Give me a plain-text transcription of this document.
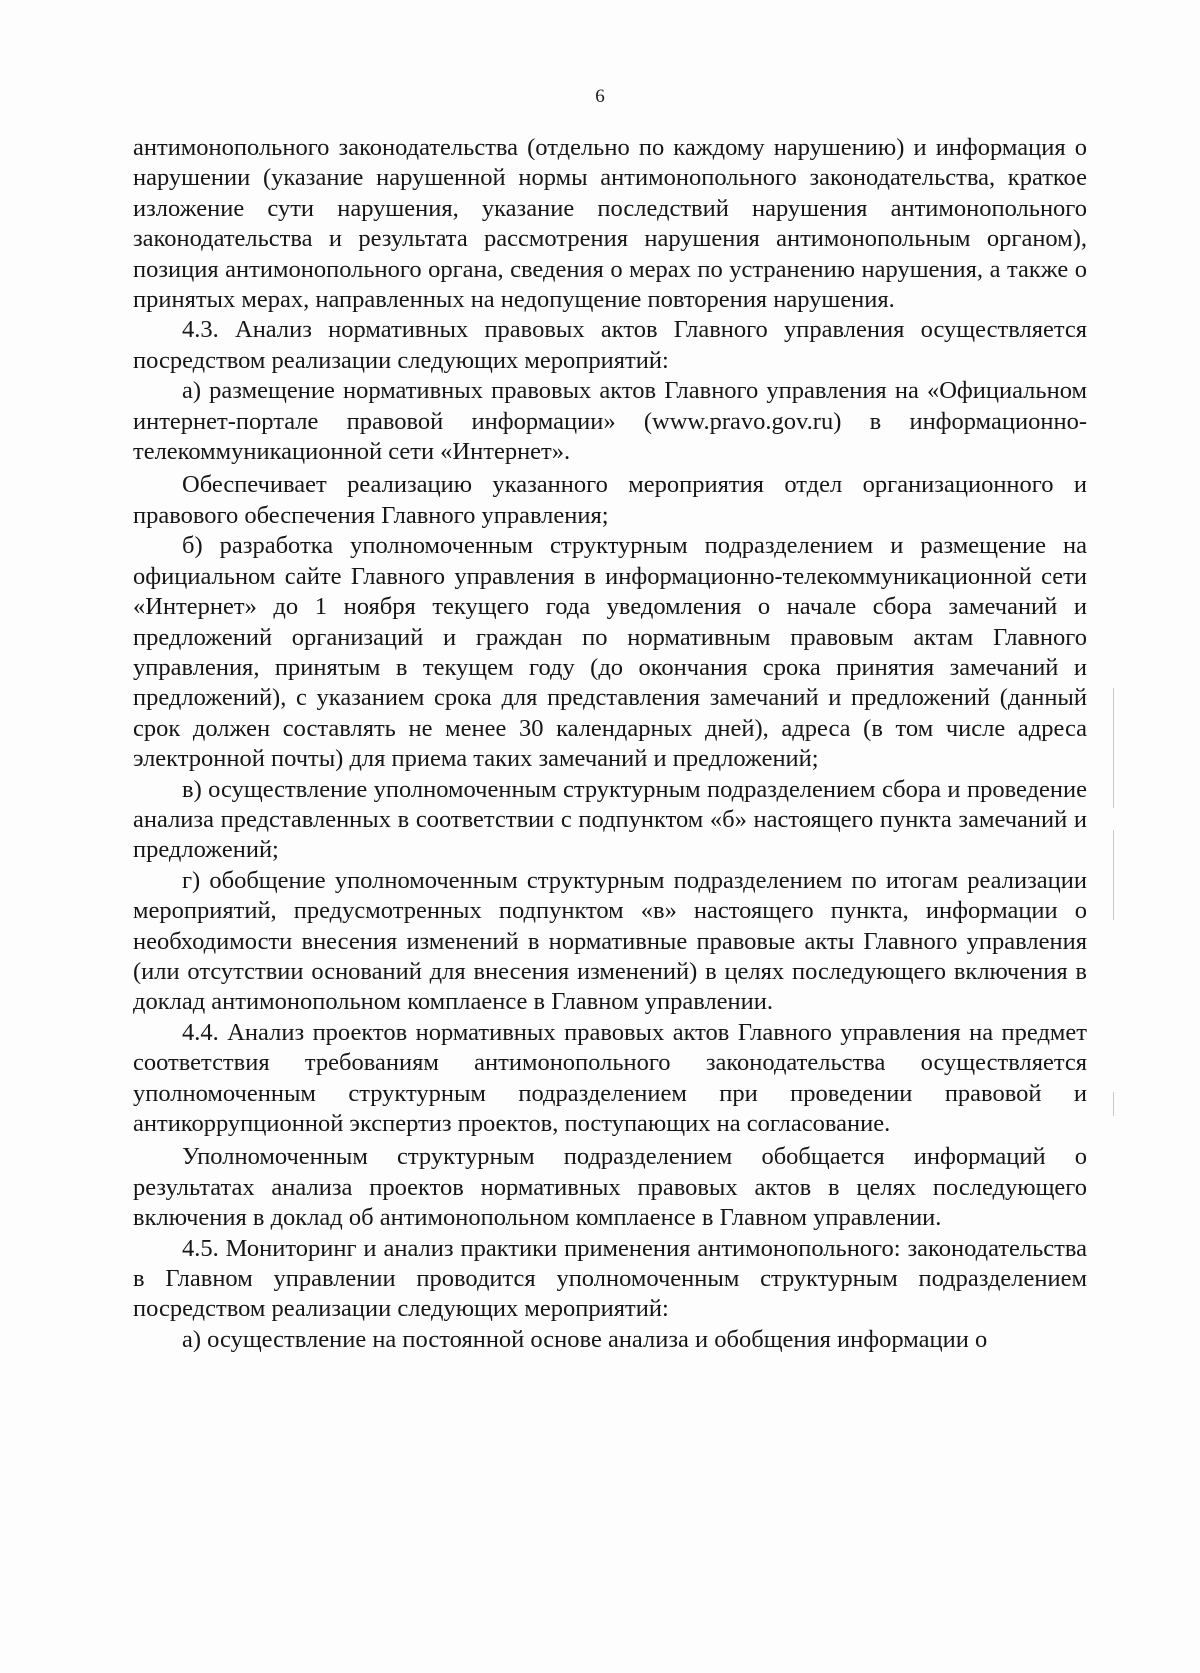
6

антимонопольного законодательства (отдельно по каждому нарушению) и информация о нарушении (указание нарушенной нормы антимонопольного законодательства, краткое изложение сути нарушения, указание последствий нарушения антимонопольного законодательства и результата рассмотрения нарушения антимонопольным органом), позиция антимонопольного органа, сведения о мерах по устранению нарушения, а также о принятых мерах, направленных на недопущение повторения нарушения.

4.3. Анализ нормативных правовых актов Главного управления осуществляется посредством реализации следующих мероприятий:

а) размещение нормативных правовых актов Главного управления на «Официальном интернет-портале правовой информации» (www.pravo.gov.ru) в информационно-телекоммуникационной сети «Интернет».

Обеспечивает реализацию указанного мероприятия отдел организационного и правового обеспечения Главного управления;

б) разработка уполномоченным структурным подразделением и размещение на официальном сайте Главного управления в информационно-телекоммуникационной сети «Интернет» до 1 ноября текущего года уведомления о начале сбора замечаний и предложений организаций и граждан по нормативным правовым актам Главного управления, принятым в текущем году (до окончания срока принятия замечаний и предложений), с указанием срока для представления замечаний и предложений (данный срок должен составлять не менее 30 календарных дней), адреса (в том числе адреса электронной почты) для приема таких замечаний и предложений;

в) осуществление уполномоченным структурным подразделением сбора и проведение анализа представленных в соответствии с подпунктом «б» настоящего пункта замечаний и предложений;

г) обобщение уполномоченным структурным подразделением по итогам реализации мероприятий, предусмотренных подпунктом «в» настоящего пункта, информации о необходимости внесения изменений в нормативные правовые акты Главного управления (или отсутствии оснований для внесения изменений) в целях последующего включения в доклад антимонопольном комплаенсе в Главном управлении.

4.4. Анализ проектов нормативных правовых актов Главного управления на предмет соответствия требованиям антимонопольного законодательства осуществляется уполномоченным структурным подразделением при проведении правовой и антикоррупционной экспертиз проектов, поступающих на согласование.

Уполномоченным структурным подразделением обобщается информаций о результатах анализа проектов нормативных правовых актов в целях последующего включения в доклад об антимонопольном комплаенсе в Главном управлении.

4.5. Мониторинг и анализ практики применения антимонопольного: законодательства в Главном управлении проводится уполномоченным структурным подразделением посредством реализации следующих мероприятий:

а) осуществление на постоянной основе анализа и обобщения информации о
